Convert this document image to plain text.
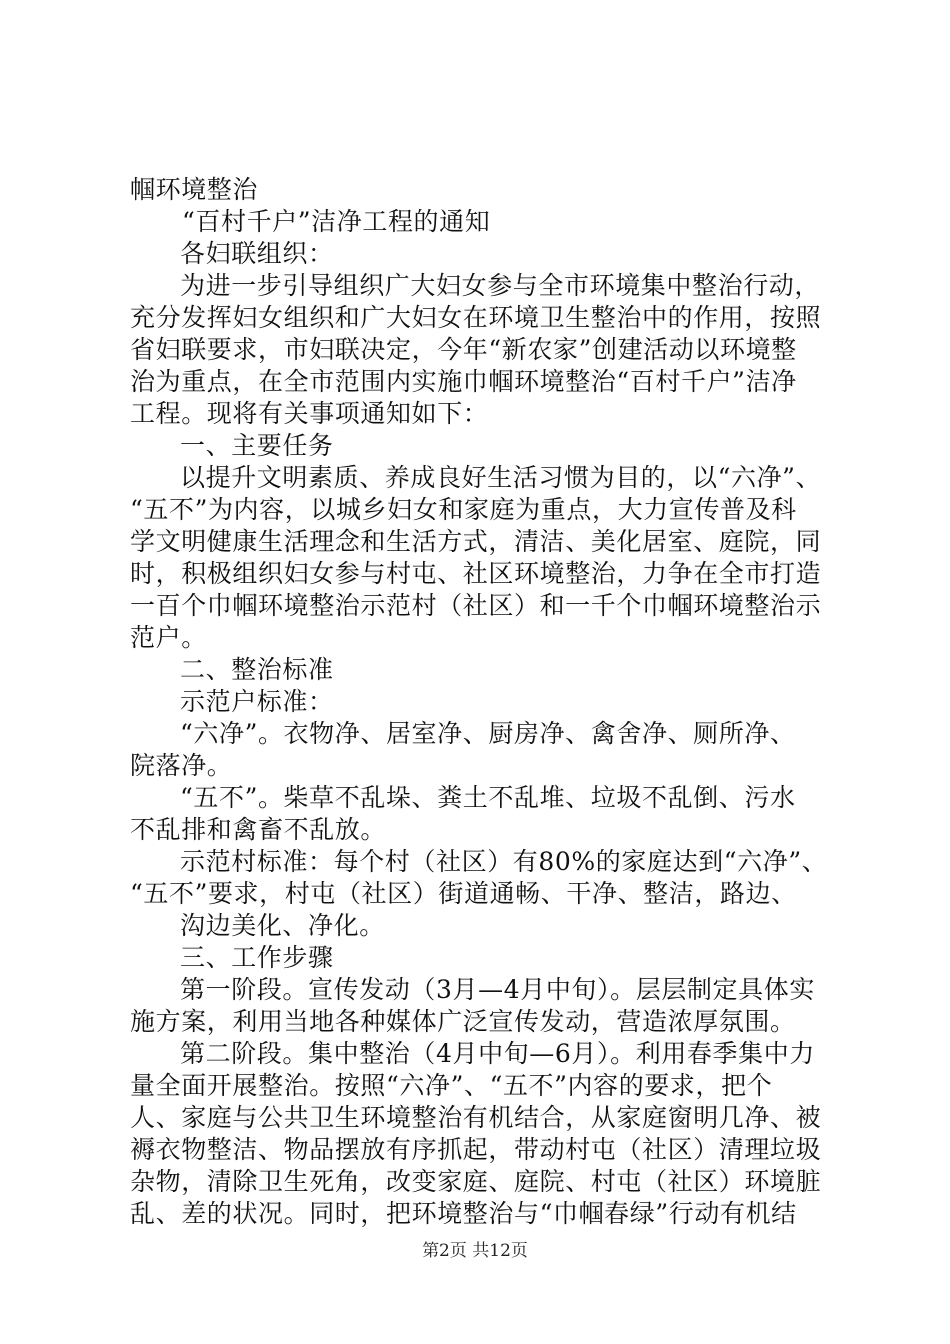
帼环境整治
“百村千户”洁净工程的通知
各妇联组织：
为进一步引导组织广大妇女参与全市环境集中整治行动，
充分发挥妇女组织和广大妇女在环境卫生整治中的作用，按照
省妇联要求，市妇联决定，今年“新农家”创建活动以环境整
治为重点，在全市范围内实施巾帼环境整治“百村千户”洁净
工程。现将有关事项通知如下：
一、主要任务
以提升文明素质、养成良好生活习惯为目的，以“六净”、
“五不”为内容，以城乡妇女和家庭为重点，大力宣传普及科
学文明健康生活理念和生活方式，清洁、美化居室、庭院，同
时，积极组织妇女参与村屯、社区环境整治，力争在全市打造
一百个巾帼环境整治示范村（社区）和一千个巾帼环境整治示
范户。
二、整治标准
示范户标准：
“六净”。衣物净、居室净、厨房净、禽舍净、厕所净、
院落净。
“五不”。柴草不乱垛、粪土不乱堆、垃圾不乱倒、污水
不乱排和禽畜不乱放。
示范村标准：每个村（社区）有80%的家庭达到“六净”、
“五不”要求，村屯（社区）街道通畅、干净、整洁，路边、
沟边美化、净化。
三、工作步骤
第一阶段。宣传发动（3月—4月中旬）。层层制定具体实
施方案，利用当地各种媒体广泛宣传发动，营造浓厚氛围。
第二阶段。集中整治（4月中旬—6月）。利用春季集中力
量全面开展整治。按照“六净”、“五不”内容的要求，把个
人、家庭与公共卫生环境整治有机结合，从家庭窗明几净、被
褥衣物整洁、物品摆放有序抓起，带动村屯（社区）清理垃圾
杂物，清除卫生死角，改变家庭、庭院、村屯（社区）环境脏
乱、差的状况。同时，把环境整治与“巾帼春绿”行动有机结
第2页 共12页
